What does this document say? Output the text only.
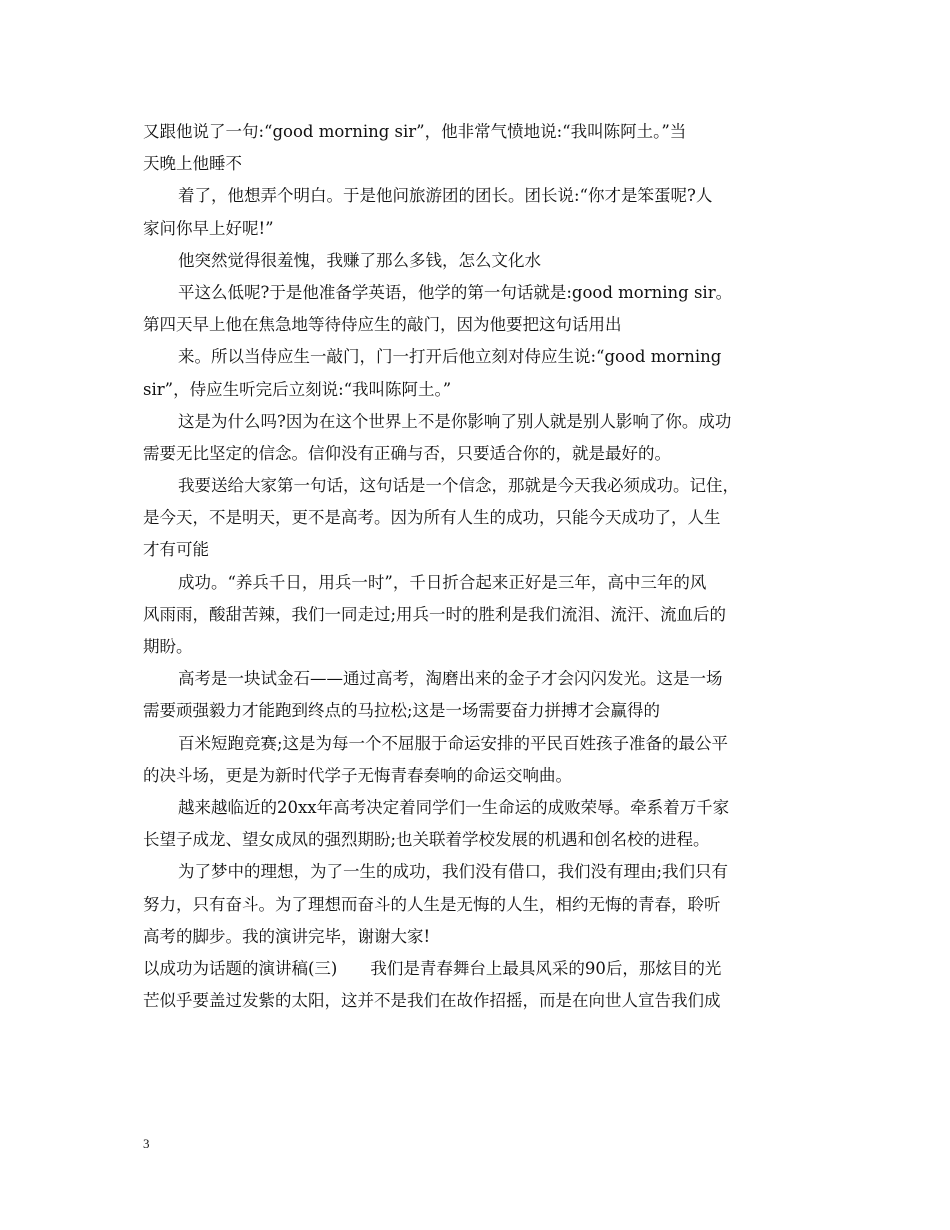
又跟他说了一句:“good morning sir”，他非常气愤地说:“我叫陈阿土。”当
天晚上他睡不
着了，他想弄个明白。于是他问旅游团的团长。团长说:“你才是笨蛋呢?人
家问你早上好呢!”
他突然觉得很羞愧，我赚了那么多钱，怎么文化水
平这么低呢?于是他准备学英语，他学的第一句话就是:good morning sir。
第四天早上他在焦急地等待侍应生的敲门，因为他要把这句话用出
来。所以当侍应生一敲门，门一打开后他立刻对侍应生说:“good morning
sir”，侍应生听完后立刻说:“我叫陈阿土。”
这是为什么吗?因为在这个世界上不是你影响了别人就是别人影响了你。成功
需要无比坚定的信念。信仰没有正确与否，只要适合你的，就是最好的。
我要送给大家第一句话，这句话是一个信念，那就是今天我必须成功。记住，
是今天，不是明天，更不是高考。因为所有人生的成功，只能今天成功了，人生
才有可能
成功。“养兵千日，用兵一时”，千日折合起来正好是三年，高中三年的风
风雨雨，酸甜苦辣，我们一同走过;用兵一时的胜利是我们流泪、流汗、流血后的
期盼。
高考是一块试金石——通过高考，淘磨出来的金子才会闪闪发光。这是一场
需要顽强毅力才能跑到终点的马拉松;这是一场需要奋力拼搏才会赢得的
百米短跑竞赛;这是为每一个不屈服于命运安排的平民百姓孩子准备的最公平
的决斗场，更是为新时代学子无悔青春奏响的命运交响曲。
越来越临近的20xx年高考决定着同学们一生命运的成败荣辱。牵系着万千家
长望子成龙、望女成凤的强烈期盼;也关联着学校发展的机遇和创名校的进程。
为了梦中的理想，为了一生的成功，我们没有借口，我们没有理由;我们只有
努力，只有奋斗。为了理想而奋斗的人生是无悔的人生，相约无悔的青春，聆听
高考的脚步。我的演讲完毕，谢谢大家!
以成功为话题的演讲稿(三)　　我们是青春舞台上最具风采的90后，那炫目的光
芒似乎要盖过发紫的太阳，这并不是我们在故作招摇，而是在向世人宣告我们成
3
